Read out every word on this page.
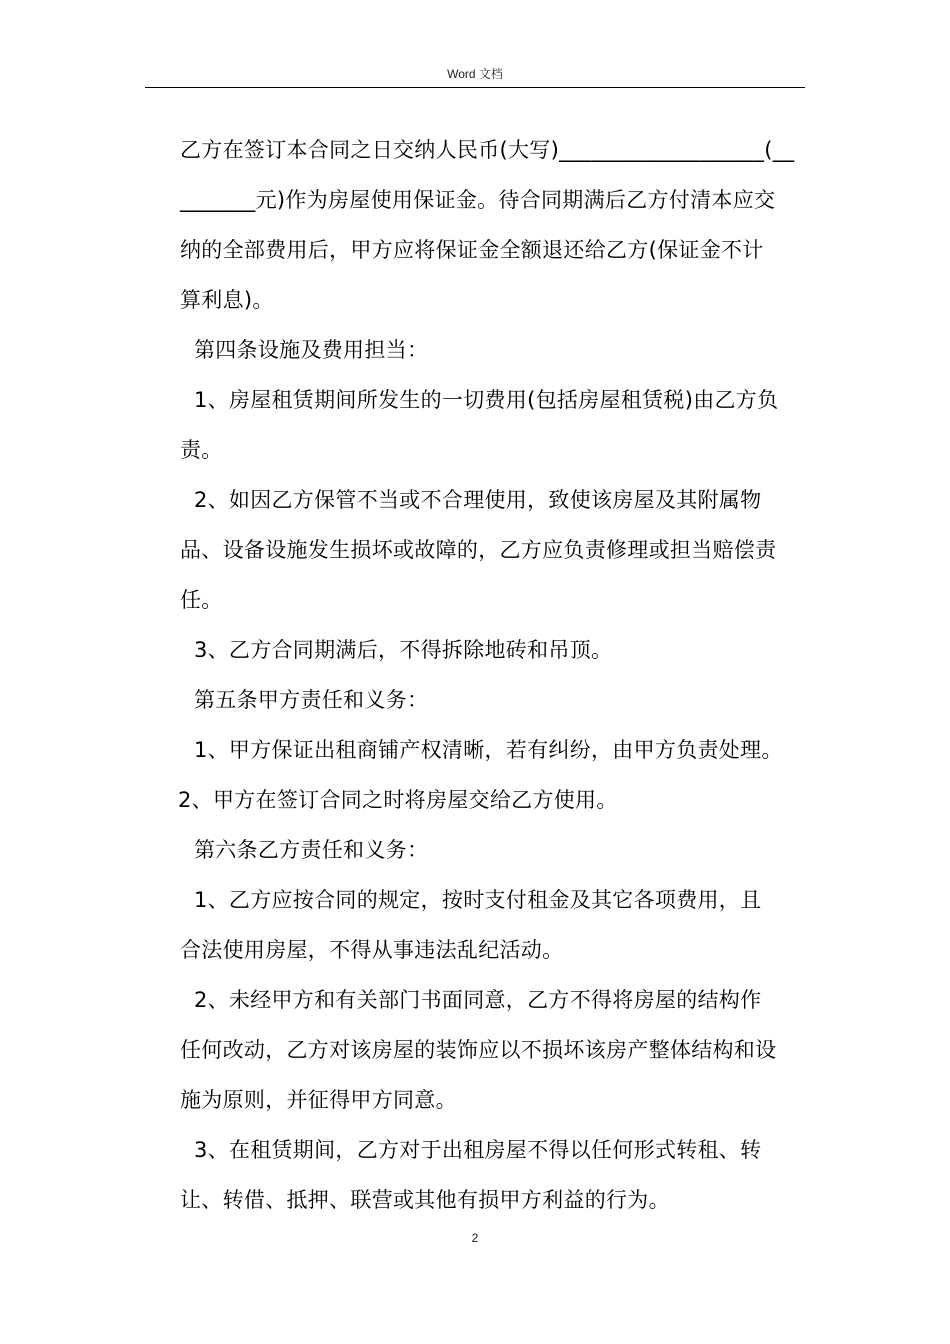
Word 文档
乙方在签订本合同之日交纳人民币(大写)___________________(__
_______元)作为房屋使用保证金。待合同期满后乙方付清本应交
纳的全部费用后，甲方应将保证金全额退还给乙方(保证金不计
算利息)。
第四条设施及费用担当：
1、房屋租赁期间所发生的一切费用(包括房屋租赁税)由乙方负
责。
2、如因乙方保管不当或不合理使用，致使该房屋及其附属物
品、设备设施发生损坏或故障的，乙方应负责修理或担当赔偿责
任。
3、乙方合同期满后，不得拆除地砖和吊顶。
第五条甲方责任和义务：
1、甲方保证出租商铺产权清晰，若有纠纷，由甲方负责处理。
2、甲方在签订合同之时将房屋交给乙方使用。
第六条乙方责任和义务：
1、乙方应按合同的规定，按时支付租金及其它各项费用，且
合法使用房屋，不得从事违法乱纪活动。
2、未经甲方和有关部门书面同意，乙方不得将房屋的结构作
任何改动，乙方对该房屋的装饰应以不损坏该房产整体结构和设
施为原则，并征得甲方同意。
3、在租赁期间，乙方对于出租房屋不得以任何形式转租、转
让、转借、抵押、联营或其他有损甲方利益的行为。
2
